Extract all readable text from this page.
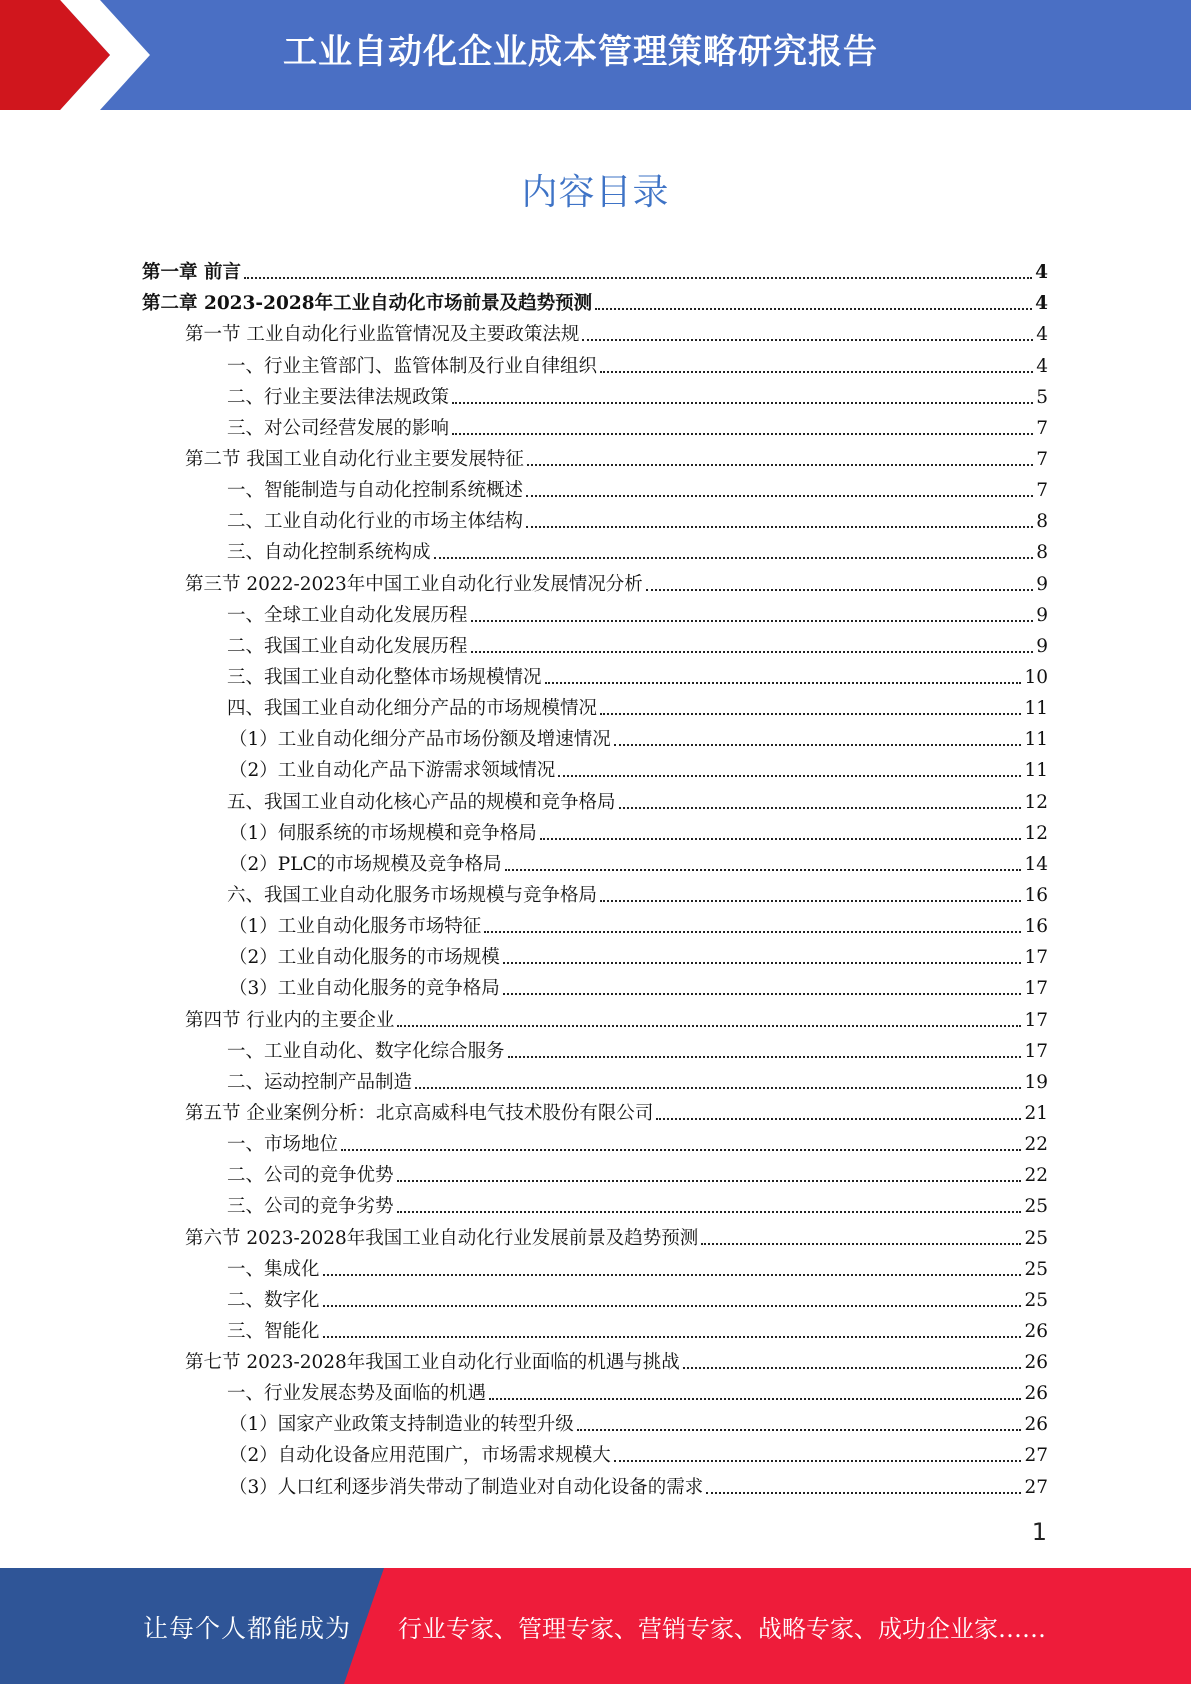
工业自动化企业成本管理策略研究报告
内容目录
第一章 前言	4
第二章 2023-2028年工业自动化市场前景及趋势预测	4
第一节 工业自动化行业监管情况及主要政策法规	4
一、行业主管部门、监管体制及行业自律组织	4
二、行业主要法律法规政策	5
三、对公司经营发展的影响	7
第二节 我国工业自动化行业主要发展特征	7
一、智能制造与自动化控制系统概述	7
二、工业自动化行业的市场主体结构	8
三、自动化控制系统构成	8
第三节 2022-2023年中国工业自动化行业发展情况分析	9
一、全球工业自动化发展历程	9
二、我国工业自动化发展历程	9
三、我国工业自动化整体市场规模情况	10
四、我国工业自动化细分产品的市场规模情况	11
（1）工业自动化细分产品市场份额及增速情况	11
（2）工业自动化产品下游需求领域情况	11
五、我国工业自动化核心产品的规模和竞争格局	12
（1）伺服系统的市场规模和竞争格局	12
（2）PLC的市场规模及竞争格局	14
六、我国工业自动化服务市场规模与竞争格局	16
（1）工业自动化服务市场特征	16
（2）工业自动化服务的市场规模	17
（3）工业自动化服务的竞争格局	17
第四节 行业内的主要企业	17
一、工业自动化、数字化综合服务	17
二、运动控制产品制造	19
第五节 企业案例分析：北京高威科电气技术股份有限公司	21
一、市场地位	22
二、公司的竞争优势	22
三、公司的竞争劣势	25
第六节 2023-2028年我国工业自动化行业发展前景及趋势预测	25
一、集成化	25
二、数字化	25
三、智能化	26
第七节 2023-2028年我国工业自动化行业面临的机遇与挑战	26
一、行业发展态势及面临的机遇	26
（1）国家产业政策支持制造业的转型升级	26
（2）自动化设备应用范围广，市场需求规模大	27
（3）人口红利逐步消失带动了制造业对自动化设备的需求	27
1
让每个人都能成为 行业专家、管理专家、营销专家、战略专家、成功企业家……
